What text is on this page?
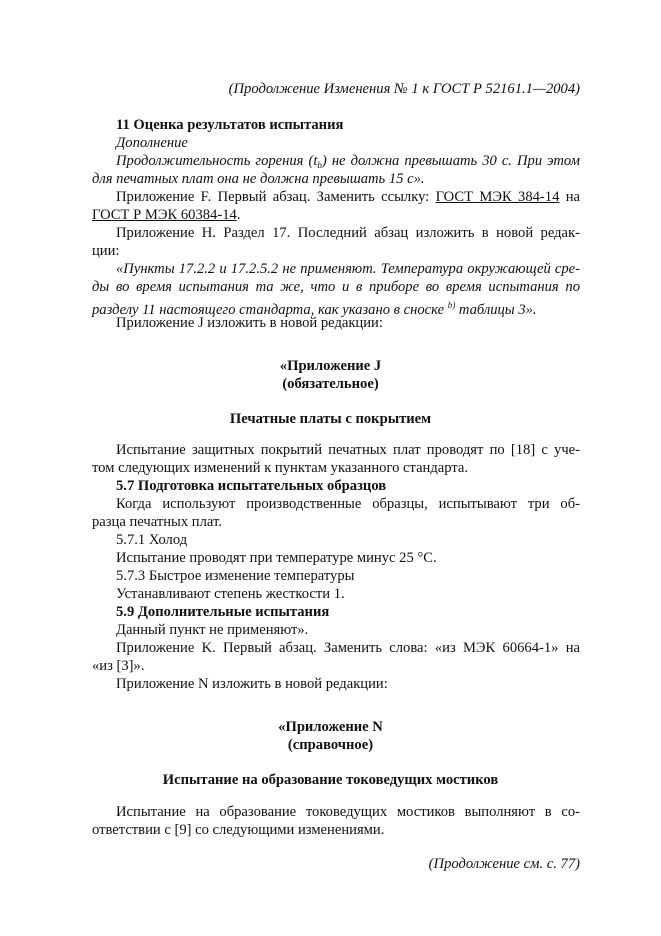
(Продолжение Изменения № 1 к ГОСТ Р 52161.1—2004)
11 Оценка результатов испытания
Дополнение
Продолжительность горения $(t_b)$ не должна превышать 30 с. При этом
для печатных плат она не должна превышать 15 с».
Приложение F. Первый абзац. Заменить ссылку: ГОСТ МЭК 384-14 на
ГОСТ Р МЭК 60384-14.
Приложение H. Раздел 17. Последний абзац изложить в новой редак-
ции:
«Пункты 17.2.2 и 17.2.5.2 не применяют. Температура окружающей сре-
ды во время испытания та же, что и в приборе во время испытания по
разделу 11 настоящего стандарта, как указано в сноске $^{b)}$ таблицы 3».
Приложение J изложить в новой редакции:
«Приложение J
(обязательное)
Печатные платы с покрытием
Испытание защитных покрытий печатных плат проводят по [18] с уче-
том следующих изменений к пунктам указанного стандарта.
5.7 Подготовка испытательных образцов
Когда используют производственные образцы, испытывают три об-
разца печатных плат.
5.7.1 Холод
Испытание проводят при температуре минус 25 °С.
5.7.3 Быстрое изменение температуры
Устанавливают степень жесткости 1.
5.9 Дополнительные испытания
Данный пункт не применяют».
Приложение K. Первый абзац. Заменить слова: «из МЭК 60664-1» на
«из [3]».
Приложение N изложить в новой редакции:
«Приложение N
(справочное)
Испытание на образование токоведущих мостиков
Испытание на образование токоведущих мостиков выполняют в со-
ответствии с [9] со следующими изменениями.
(Продолжение см. с. 77)
